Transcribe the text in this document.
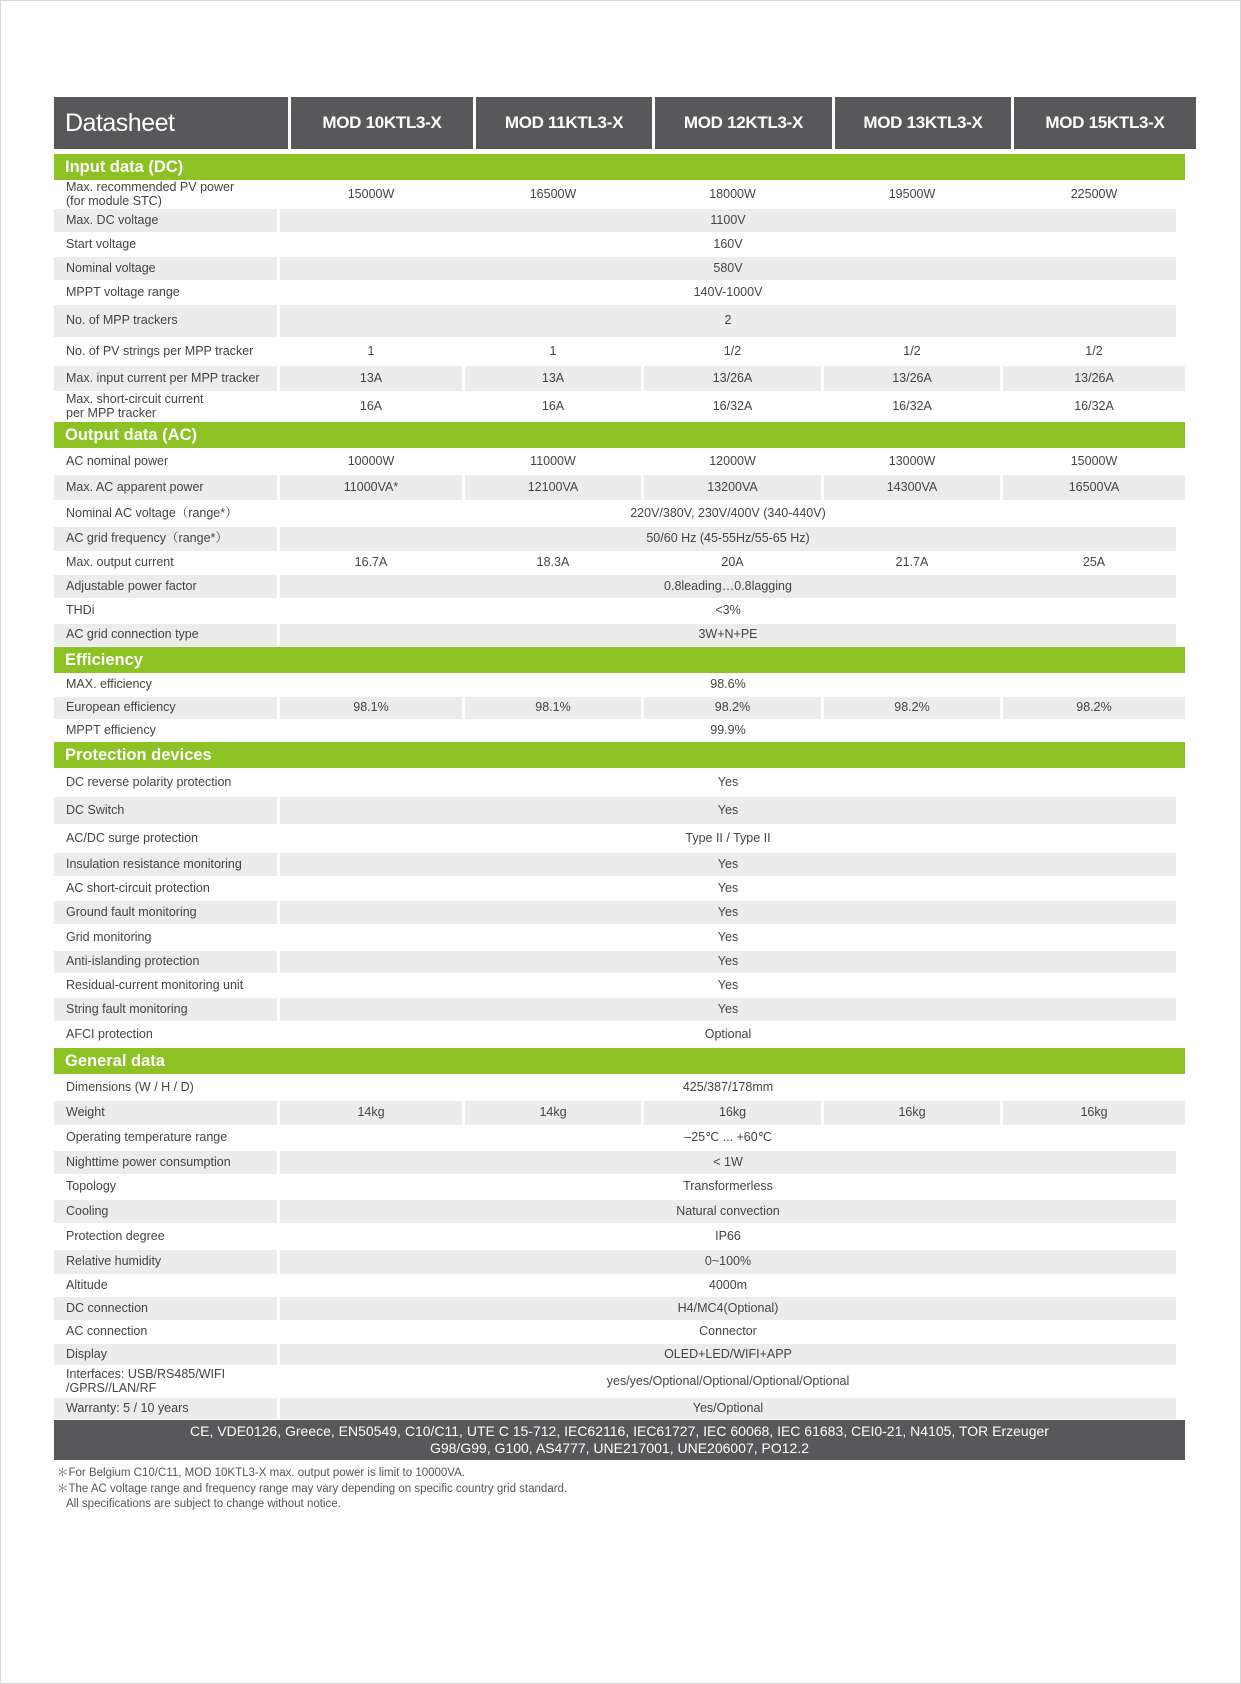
Datasheet	MOD 10KTL3-X	MOD 11KTL3-X	MOD 12KTL3-X	MOD 13KTL3-X	MOD 15KTL3-X
Input data (DC)
Max. recommended PV power
(for module STC)	15000W	16500W	18000W	19500W	22500W
Max. DC voltage	1100V
Start voltage	160V
Nominal voltage	580V
MPPT voltage range	140V-1000V
No. of MPP trackers	2
No. of PV strings per MPP tracker	1	1	1/2	1/2	1/2
Max. input current per MPP tracker	13A	13A	13/26A	13/26A	13/26A
Max. short-circuit current
per MPP tracker	16A	16A	16/32A	16/32A	16/32A
Output data (AC)
AC nominal power	10000W	11000W	12000W	13000W	15000W
Max. AC apparent power	11000VA*	12100VA	13200VA	14300VA	16500VA
Nominal AC voltage（range*）	220V/380V, 230V/400V (340-440V)
AC grid frequency（range*）	50/60 Hz (45-55Hz/55-65 Hz)
Max. output current	16.7A	18.3A	20A	21.7A	25A
Adjustable power factor	0.8leading…0.8lagging
THDi	<3%
AC grid connection type	3W+N+PE
Efficiency
MAX. efficiency	98.6%
European efficiency	98.1%	98.1%	98.2%	98.2%	98.2%
MPPT efficiency	99.9%
Protection devices
DC reverse polarity protection	Yes
DC Switch	Yes
AC/DC surge protection	Type II / Type II
Insulation resistance monitoring	Yes
AC short-circuit protection	Yes
Ground fault monitoring	Yes
Grid monitoring	Yes
Anti-islanding protection	Yes
Residual-current monitoring unit	Yes
String fault monitoring	Yes
AFCI protection	Optional
General data
Dimensions (W / H / D)	425/387/178mm
Weight	14kg	14kg	16kg	16kg	16kg
Operating temperature range	–25℃ ... +60℃
Nighttime power consumption	< 1W
Topology	Transformerless
Cooling	Natural convection
Protection degree	IP66
Relative humidity	0~100%
Altitude	4000m
DC connection	H4/MC4(Optional)
AC connection	Connector
Display	OLED+LED/WIFI+APP
Interfaces: USB/RS485/WIFI
/GPRS//LAN/RF	yes/yes/Optional/Optional/Optional/Optional
Warranty: 5 / 10 years	Yes/Optional
CE, VDE0126, Greece, EN50549, C10/C11, UTE C 15-712, IEC62116, IEC61727, IEC 60068, IEC 61683, CEI0-21, N4105, TOR Erzeuger
G98/G99, G100, AS4777, UNE217001, UNE206007, PO12.2
＊For Belgium C10/C11, MOD 10KTL3-X max. output power is limit to 10000VA.
＊The AC voltage range and frequency range may vary depending on specific country grid standard.
All specifications are subject to change without notice.
